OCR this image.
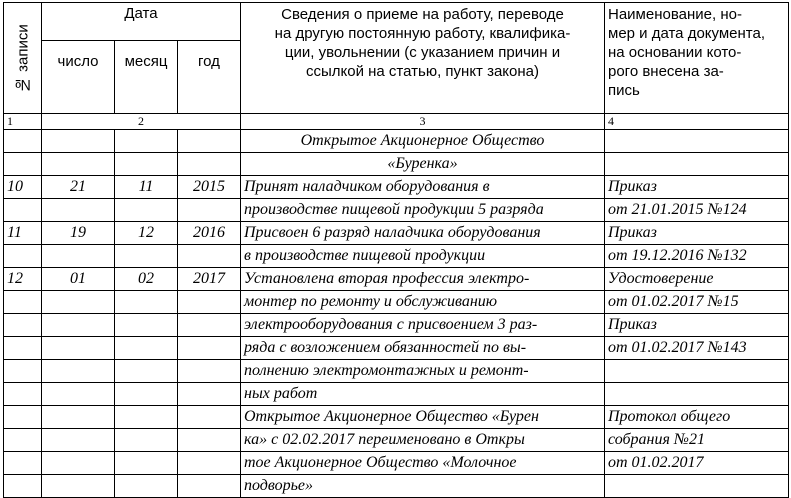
№ записи	Дата			Сведения о приеме на работу, переводе
на другую постоянную работу, квалифика-
ции, увольнении (с указанием причин и
ссылкой на статью, пункт закона)	Наименование, но-
мер и дата документа,
на основании кото-
рого внесена за-
пись
	число	месяц	год		
1	2			3	4
				Открытое Акционерное Общество	
				«Буренка»	
10	21	11	2015	Принят наладчиком оборудования в	Приказ
				производстве пищевой продукции 5 разряда	от 21.01.2015 №124
11	19	12	2016	Присвоен 6 разряд наладчика оборудования	Приказ
				в производстве пищевой продукции	от 19.12.2016 №132
12	01	02	2017	Установлена вторая профессия электро-	Удостоверение
				монтер по ремонту и обслуживанию	от 01.02.2017 №15
				электрооборудования с присвоением 3 раз-	Приказ
				ряда с возложением обязанностей по вы-	от 01.02.2017 №143
				полнению электромонтажных и ремонт-	
				ных работ	
				Открытое Акционерное Общество «Бурен	Протокол общего
				ка» с 02.02.2017 переименовано в Откры	собрания №21
				тое Акционерное Общество «Молочное	от 01.02.2017
				подворье»	
